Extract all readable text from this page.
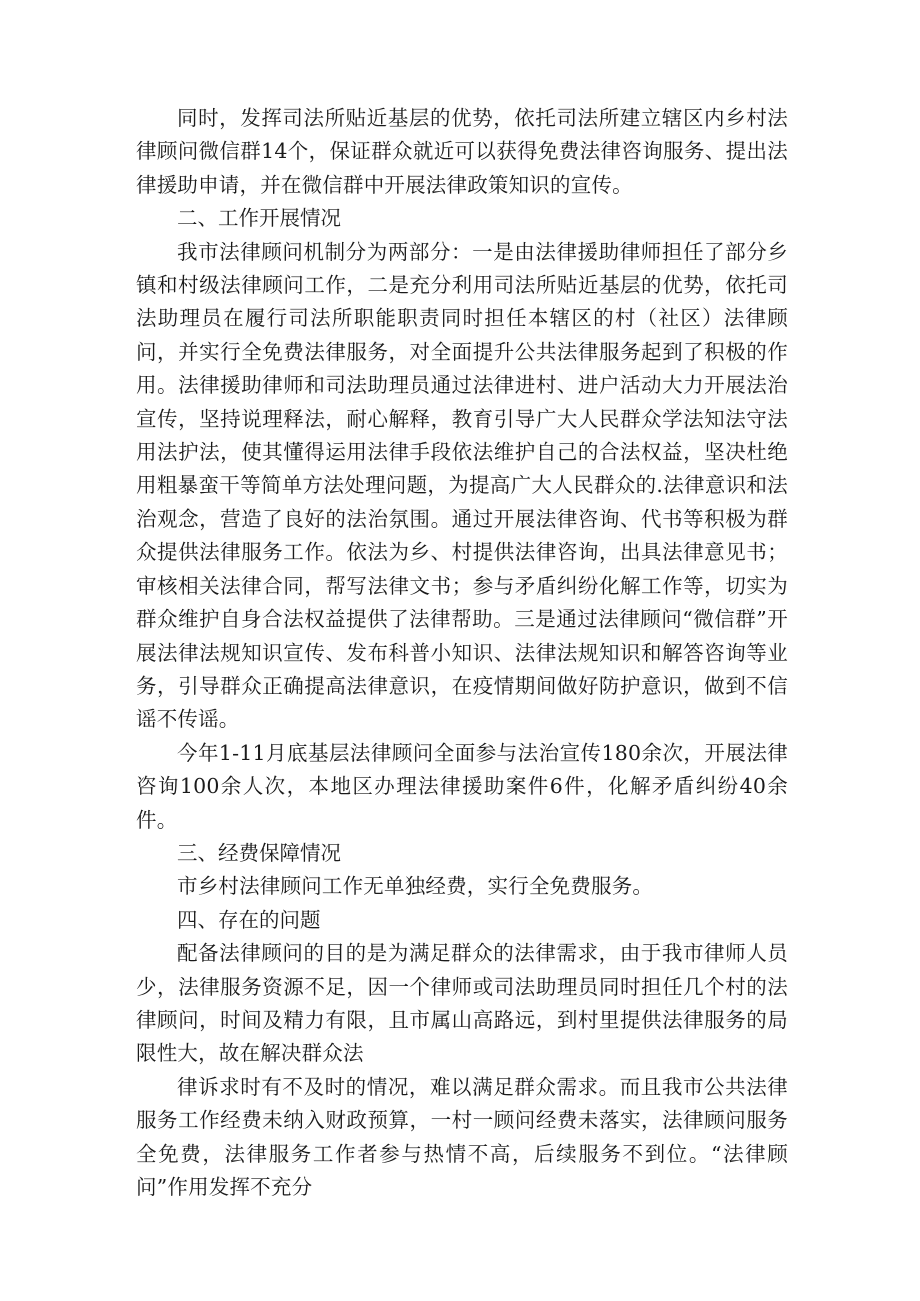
同时，发挥司法所贴近基层的优势，依托司法所建立辖区内乡村法律顾问微信群14个，保证群众就近可以获得免费法律咨询服务、提出法律援助申请，并在微信群中开展法律政策知识的宣传。

二、工作开展情况

我市法律顾问机制分为两部分：一是由法律援助律师担任了部分乡镇和村级法律顾问工作，二是充分利用司法所贴近基层的优势，依托司法助理员在履行司法所职能职责同时担任本辖区的村（社区）法律顾问，并实行全免费法律服务，对全面提升公共法律服务起到了积极的作用。法律援助律师和司法助理员通过法律进村、进户活动大力开展法治宣传，坚持说理释法，耐心解释，教育引导广大人民群众学法知法守法用法护法，使其懂得运用法律手段依法维护自己的合法权益，坚决杜绝用粗暴蛮干等简单方法处理问题，为提高广大人民群众的.法律意识和法治观念，营造了良好的法治氛围。通过开展法律咨询、代书等积极为群众提供法律服务工作。依法为乡、村提供法律咨询，出具法律意见书；审核相关法律合同，帮写法律文书；参与矛盾纠纷化解工作等，切实为群众维护自身合法权益提供了法律帮助。三是通过法律顾问“微信群”开展法律法规知识宣传、发布科普小知识、法律法规知识和解答咨询等业务，引导群众正确提高法律意识，在疫情期间做好防护意识，做到不信谣不传谣。

今年1-11月底基层法律顾问全面参与法治宣传180余次，开展法律咨询100余人次，本地区办理法律援助案件6件，化解矛盾纠纷40余件。

三、经费保障情况

市乡村法律顾问工作无单独经费，实行全免费服务。

四、存在的问题

配备法律顾问的目的是为满足群众的法律需求，由于我市律师人员少，法律服务资源不足，因一个律师或司法助理员同时担任几个村的法律顾问，时间及精力有限，且市属山高路远，到村里提供法律服务的局限性大，故在解决群众法

律诉求时有不及时的情况，难以满足群众需求。而且我市公共法律服务工作经费未纳入财政预算，一村一顾问经费未落实，法律顾问服务全免费，法律服务工作者参与热情不高，后续服务不到位。“法律顾问”作用发挥不充分
